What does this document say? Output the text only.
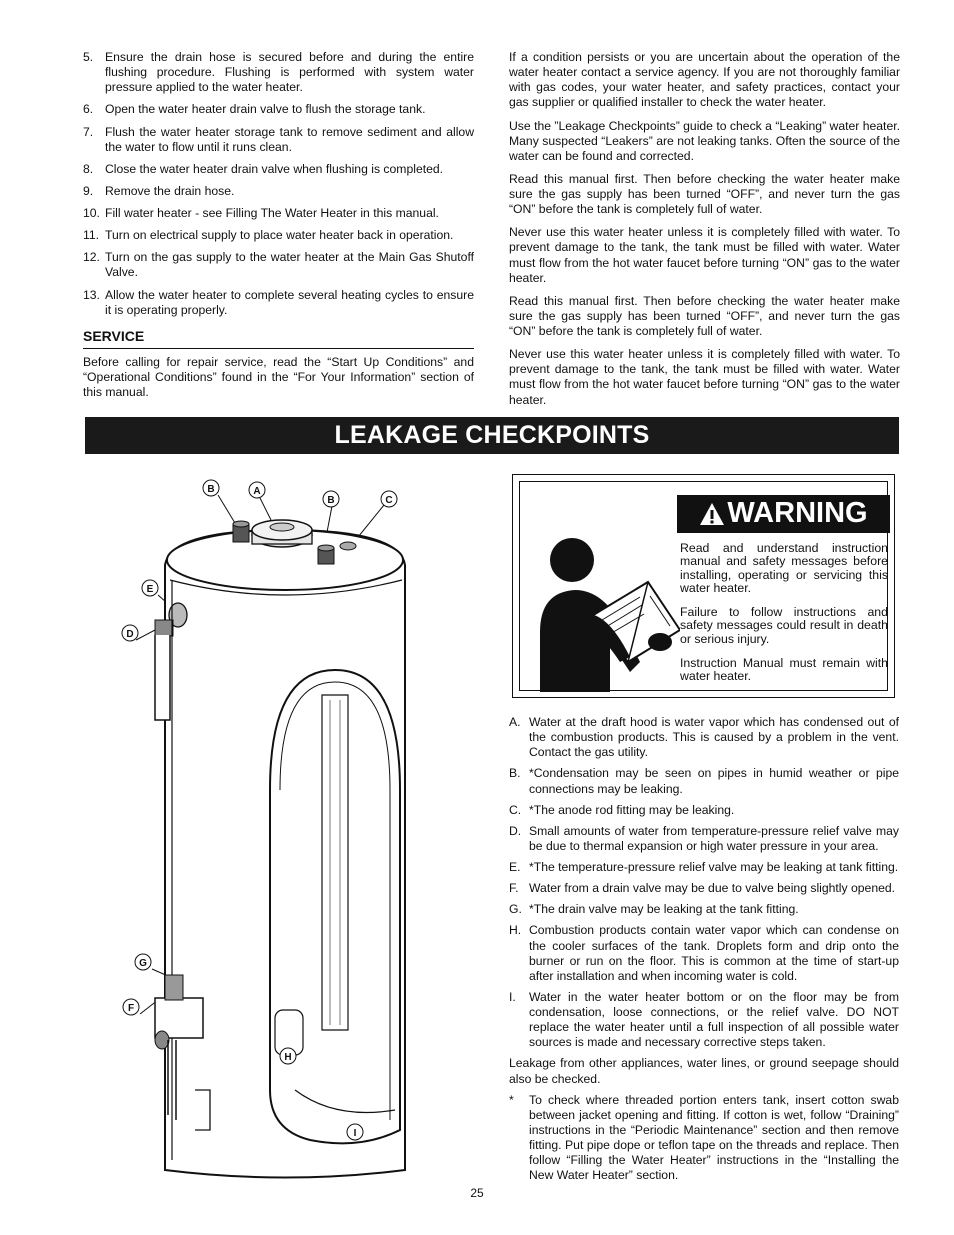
5. Ensure the drain hose is secured before and during the entire flushing procedure. Flushing is performed with system water pressure applied to the water heater.
6. Open the water heater drain valve to flush the storage tank.
7. Flush the water heater storage tank to remove sediment and allow the water to flow until it runs clean.
8. Close the water heater drain valve when flushing is completed.
9. Remove the drain hose.
10. Fill water heater - see Filling The Water Heater in this manual.
11. Turn on electrical supply to place water heater back in operation.
12. Turn on the gas supply to the water heater at the Main Gas Shutoff Valve.
13. Allow the water heater to complete several heating cycles to ensure it is operating properly.
SERVICE
Before calling for repair service, read the “Start Up Conditions” and “Operational Conditions” found in the “For Your Information” section of this manual.

If a condition persists or you are uncertain about the operation of the water heater contact a service agency. If you are not thoroughly familiar with gas codes, your water heater, and safety practices, contact your gas supplier or qualified installer to check the water heater.

Use the ”Leakage Checkpoints” guide to check a “Leaking” water heater. Many suspected “Leakers” are not leaking tanks. Often the source of the water can be found and corrected.

Read this manual first. Then before checking the water heater make sure the gas supply has been turned “OFF”, and never turn the gas “ON” before the tank is completely full of water.

Never use this water heater unless it is completely filled with water. To prevent damage to the tank, the tank must be filled with water. Water must flow from the hot water faucet before turning “ON” gas to the water heater.

Read this manual first. Then before checking the water heater make sure the gas supply has been turned “OFF”, and never turn the gas “ON” before the tank is completely full of water.

Never use this water heater unless it is completely filled with water. To prevent damage to the tank, the tank must be filled with water. Water must flow from the hot water faucet before turning “ON” gas to the water heater.

LEAKAGE CHECKPOINTS
B	A
B	C
E
D
G
F
H
I
WARNING
Read and understand instruction manual and safety messages before installing, operating or servicing this water heater.
Failure to follow instructions and safety messages could result in death or serious injury.
Instruction Manual must remain with water heater.
A. Water at the draft hood is water vapor which has condensed out of the combustion products. This is caused by a problem in the vent. Contact the gas utility.
B. *Condensation may be seen on pipes in humid weather or pipe connections may be leaking.
C. *The anode rod fitting may be leaking.
D. Small amounts of water from temperature-pressure relief valve may be due to thermal expansion or high water pressure in your area.
E. *The temperature-pressure relief valve may be leaking at tank fitting.
F. Water from a drain valve may be due to valve being slightly opened.
G. *The drain valve may be leaking at the tank fitting.
H. Combustion products contain water vapor which can condense on the cooler surfaces of the tank. Droplets form and drip onto the burner or run on the floor. This is common at the time of start-up after installation and when incoming water is cold.
I. Water in the water heater bottom or on the floor may be from condensation, loose connections, or the relief valve. DO NOT replace the water heater until a full inspection of all possible water sources is made and necessary corrective steps taken.
Leakage from other appliances, water lines, or ground seepage should also be checked.
* To check where threaded portion enters tank, insert cotton swab between jacket opening and fitting. If cotton is wet, follow “Draining” instructions in the “Periodic Maintenance” section and then remove fitting. Put pipe dope or teflon tape on the threads and replace. Then follow “Filling the Water Heater” instructions in the “Installing the New Water Heater” section.
25
